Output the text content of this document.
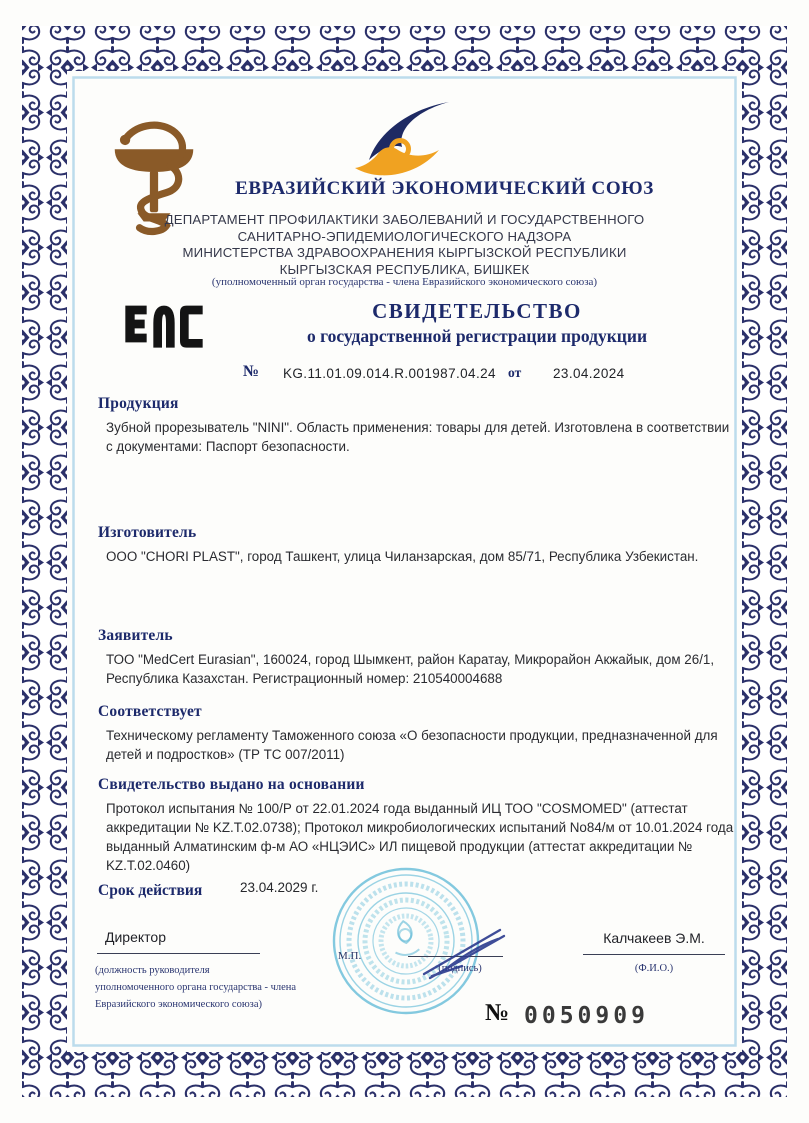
ЕВРАЗИЙСКИЙ ЭКОНОМИЧЕСКИЙ СОЮЗ
ДЕПАРТАМЕНТ ПРОФИЛАКТИКИ ЗАБОЛЕВАНИЙ И ГОСУДАРСТВЕННОГО
САНИТАРНО-ЭПИДЕМИОЛОГИЧЕСКОГО НАДЗОРА
МИНИСТЕРСТВА ЗДРАВООХРАНЕНИЯ КЫРГЫЗСКОЙ РЕСПУБЛИКИ
КЫРГЫЗСКАЯ РЕСПУБЛИКА, БИШКЕК
(уполномоченный орган государства - члена Евразийского экономического союза)
СВИДЕТЕЛЬСТВО
о государственной регистрации продукции
№ KG.11.01.09.014.R.001987.04.24 от 23.04.2024
Продукция
Зубной прорезыватель "NINI". Область применения: товары для детей. Изготовлена в соответствии с документами: Паспорт безопасности.
Изготовитель
ООО "CHORI PLAST", город Ташкент, улица Чиланзарская, дом 85/71, Республика Узбекистан.
Заявитель
ТОО "MedCert Eurasian", 160024, город Шымкент, район Каратау, Микрорайон Акжайык, дом 26/1, Республика Казахстан. Регистрационный номер: 210540004688
Соответствует
Техническому регламенту Таможенного союза «О безопасности продукции, предназначенной для детей и подростков» (ТР ТС 007/2011)
Свидетельство выдано на основании
Протокол испытания № 100/Р от 22.01.2024 года выданный ИЦ ТОО "COSMOMED" (аттестат аккредитации № KZ.Т.02.0738); Протокол микробиологических испытаний No84/м от 10.01.2024 года выданный Алматинским ф-м АО «НЦЭИС» ИЛ пищевой продукции (аттестат аккредитации № KZ.Т.02.0460)
Срок действия	23.04.2029 г.
Директор
(должность руководителя
уполномоченного органа государства - члена
Евразийского экономического союза)
М.П.
(подпись)
Калчакеев Э.М.
(Ф.И.О.)
№ 0050909
